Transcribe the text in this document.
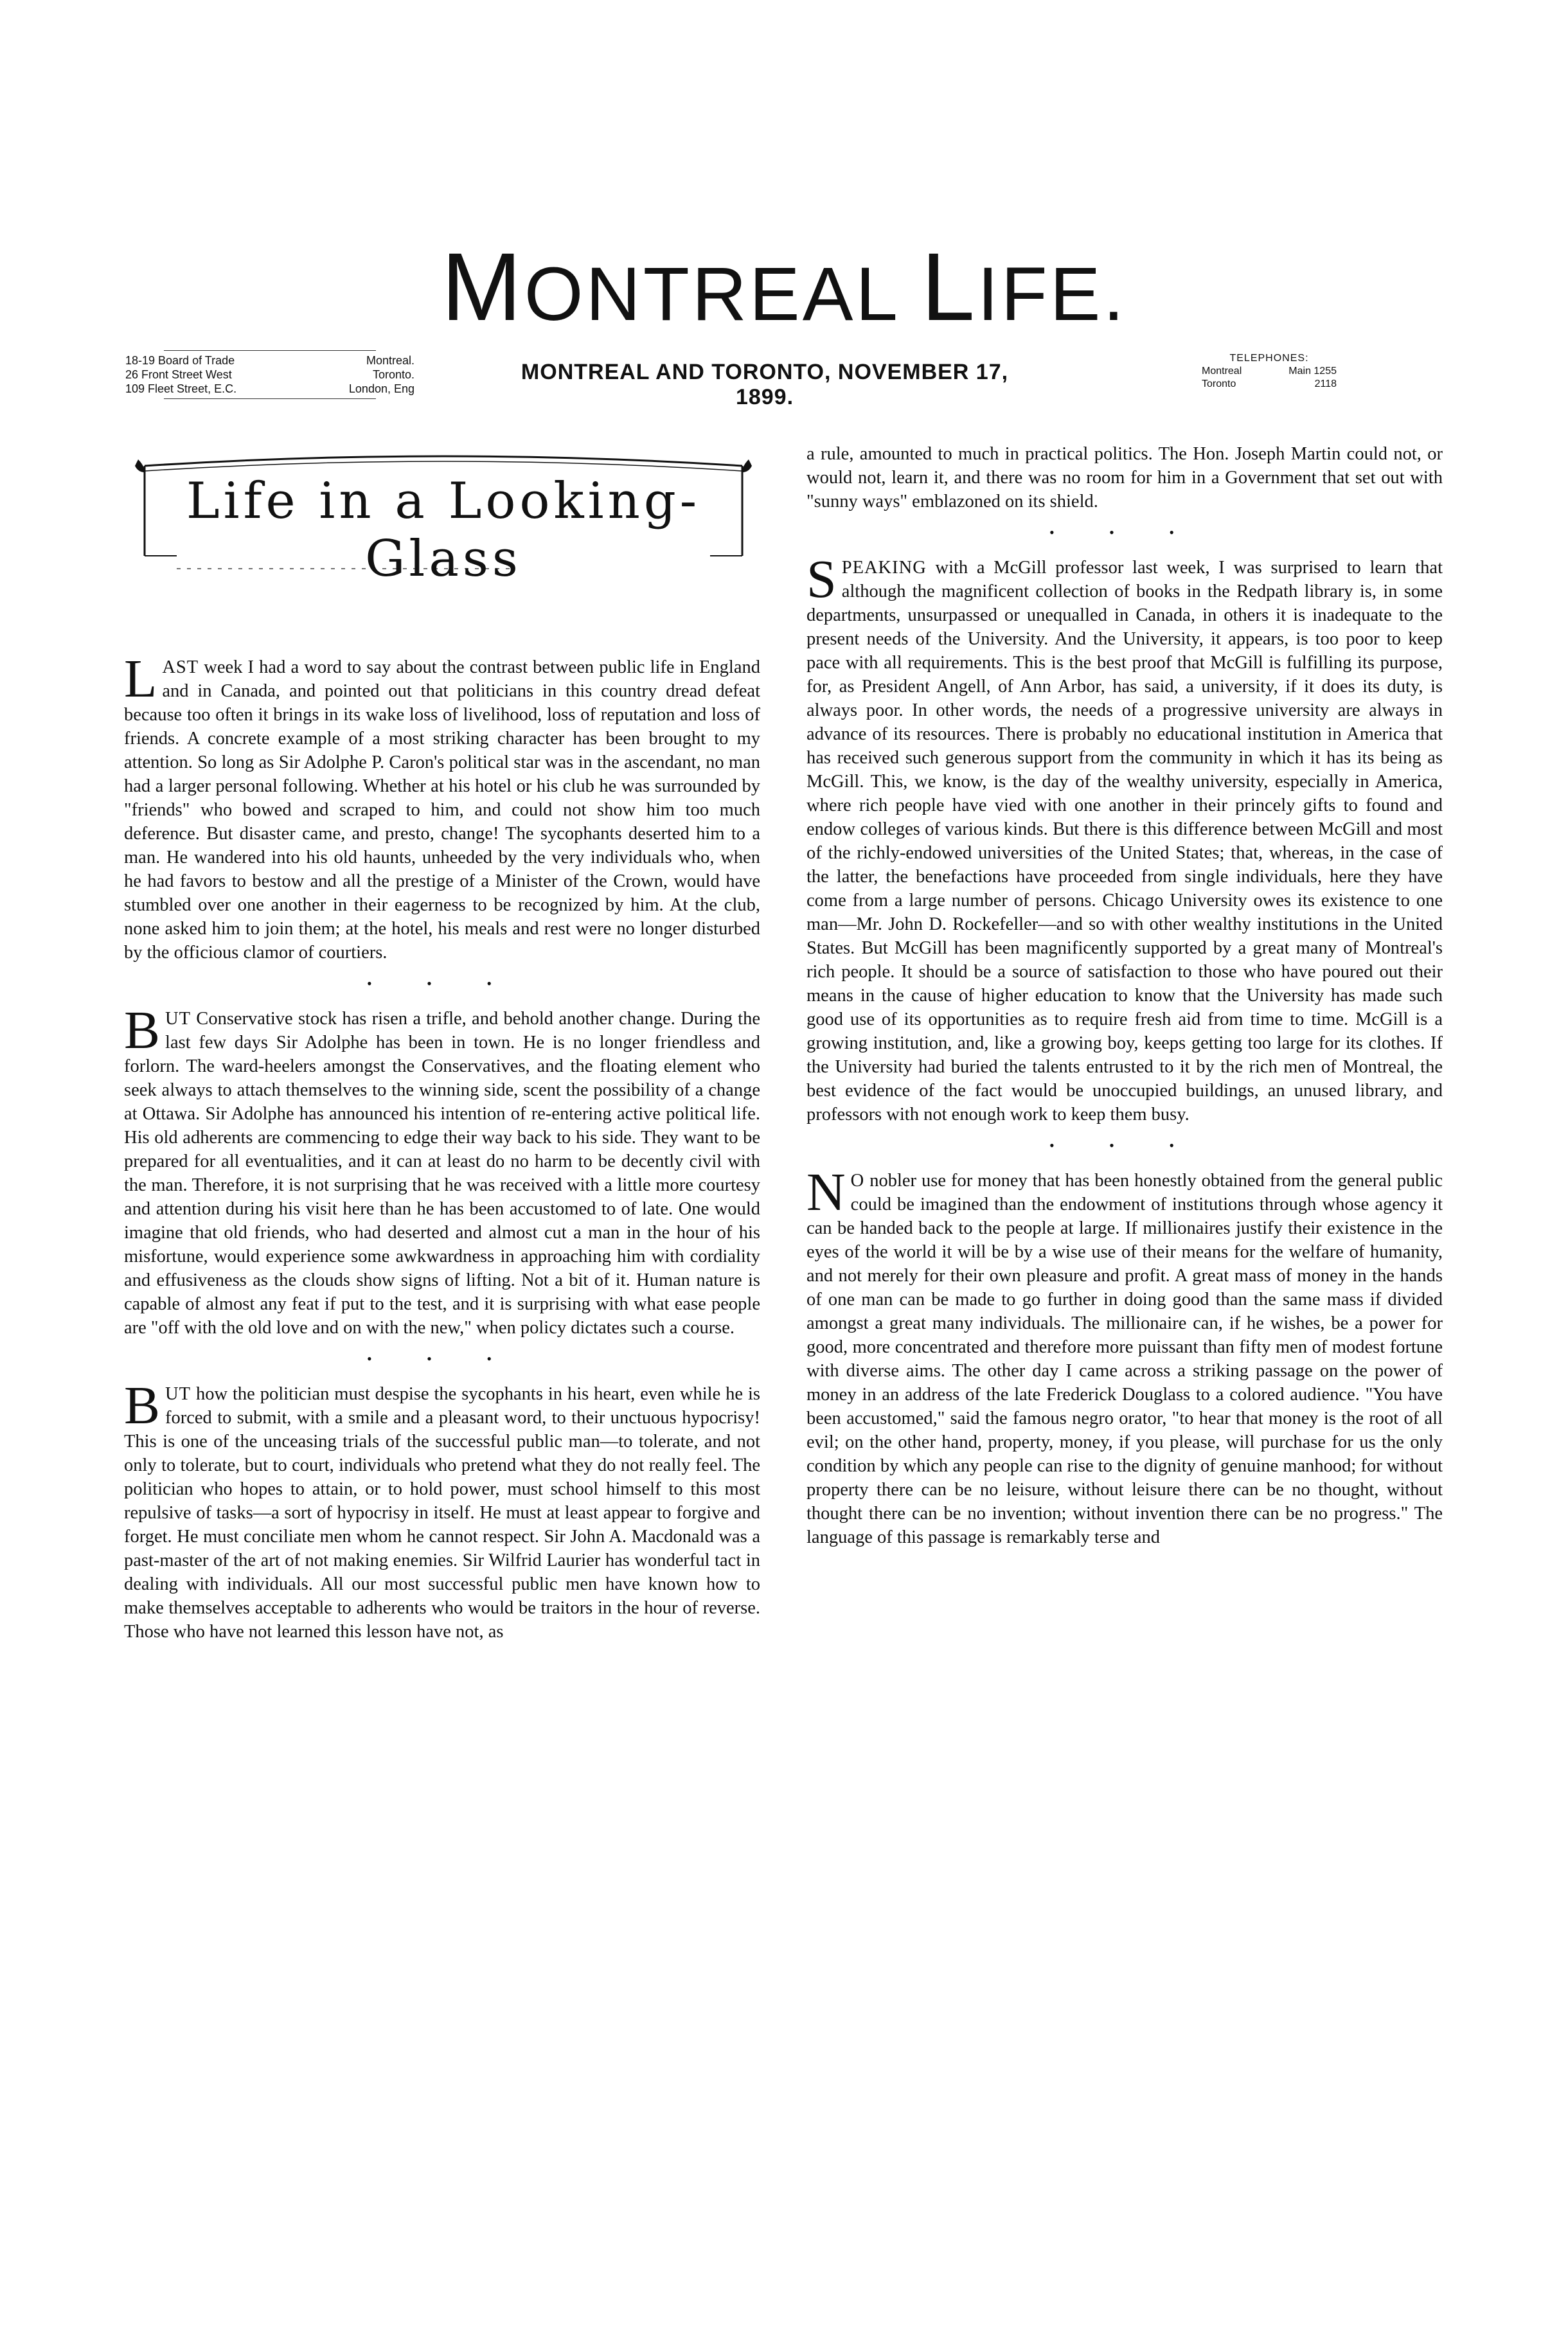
MONTREAL LIFE.
18-19 Board of Trade	Montreal.
26 Front Street West	Toronto.
109 Fleet Street, E.C.	London, Eng
MONTREAL AND TORONTO, NOVEMBER 17, 1899.
TELEPHONES:
Montreal	Main 1255
Toronto	2118
Life in a Looking-Glass

LAST week I had a word to say about the contrast between public life in England and in Canada, and pointed out that politicians in this country dread defeat because too often it brings in its wake loss of livelihood, loss of reputation and loss of friends. A concrete example of a most striking character has been brought to my attention. So long as Sir Adolphe P. Caron's political star was in the ascendant, no man had a larger personal following. Whether at his hotel or his club he was surrounded by "friends" who bowed and scraped to him, and could not show him too much deference. But disaster came, and presto, change! The sycophants deserted him to a man. He wandered into his old haunts, unheeded by the very individuals who, when he had favors to bestow and all the prestige of a Minister of the Crown, would have stumbled over one another in their eagerness to be recognized by him. At the club, none asked him to join them; at the hotel, his meals and rest were no longer disturbed by the officious clamor of courtiers.

• • •

BUT Conservative stock has risen a trifle, and behold another change. During the last few days Sir Adolphe has been in town. He is no longer friendless and forlorn. The ward-heelers amongst the Conservatives, and the floating element who seek always to attach themselves to the winning side, scent the possibility of a change at Ottawa. Sir Adolphe has announced his intention of re-entering active political life. His old adherents are commencing to edge their way back to his side. They want to be prepared for all eventualities, and it can at least do no harm to be decently civil with the man. Therefore, it is not surprising that he was received with a little more courtesy and attention during his visit here than he has been accustomed to of late. One would imagine that old friends, who had deserted and almost cut a man in the hour of his misfortune, would experience some awkwardness in approaching him with cordiality and effusiveness as the clouds show signs of lifting. Not a bit of it. Human nature is capable of almost any feat if put to the test, and it is surprising with what ease people are "off with the old love and on with the new," when policy dictates such a course.

• • •

BUT how the politician must despise the sycophants in his heart, even while he is forced to submit, with a smile and a pleasant word, to their unctuous hypocrisy! This is one of the unceasing trials of the successful public man—to tolerate, and not only to tolerate, but to court, individuals who pretend what they do not really feel. The politician who hopes to attain, or to hold power, must school himself to this most repulsive of tasks—a sort of hypocrisy in itself. He must at least appear to forgive and forget. He must conciliate men whom he cannot respect. Sir John A. Macdonald was a past-master of the art of not making enemies. Sir Wilfrid Laurier has wonderful tact in dealing with individuals. All our most successful public men have known how to make themselves acceptable to adherents who would be traitors in the hour of reverse. Those who have not learned this lesson have not, as

a rule, amounted to much in practical politics. The Hon. Joseph Martin could not, or would not, learn it, and there was no room for him in a Government that set out with "sunny ways" emblazoned on its shield.

• • •

SPEAKING with a McGill professor last week, I was surprised to learn that although the magnificent collection of books in the Redpath library is, in some departments, unsurpassed or unequalled in Canada, in others it is inadequate to the present needs of the University. And the University, it appears, is too poor to keep pace with all requirements. This is the best proof that McGill is fulfilling its purpose, for, as President Angell, of Ann Arbor, has said, a university, if it does its duty, is always poor. In other words, the needs of a progressive university are always in advance of its resources. There is probably no educational institution in America that has received such generous support from the community in which it has its being as McGill. This, we know, is the day of the wealthy university, especially in America, where rich people have vied with one another in their princely gifts to found and endow colleges of various kinds. But there is this difference between McGill and most of the richly-endowed universities of the United States; that, whereas, in the case of the latter, the benefactions have proceeded from single individuals, here they have come from a large number of persons. Chicago University owes its existence to one man—Mr. John D. Rockefeller—and so with other wealthy institutions in the United States. But McGill has been magnificently supported by a great many of Montreal's rich people. It should be a source of satisfaction to those who have poured out their means in the cause of higher education to know that the University has made such good use of its opportunities as to require fresh aid from time to time. McGill is a growing institution, and, like a growing boy, keeps getting too large for its clothes. If the University had buried the talents entrusted to it by the rich men of Montreal, the best evidence of the fact would be unoccupied buildings, an unused library, and professors with not enough work to keep them busy.

• • •

N O nobler use for money that has been honestly obtained from the general public could be imagined than the endowment of institutions through whose agency it can be handed back to the people at large. If millionaires justify their existence in the eyes of the world it will be by a wise use of their means for the welfare of humanity, and not merely for their own pleasure and profit. A great mass of money in the hands of one man can be made to go further in doing good than the same mass if divided amongst a great many individuals. The millionaire can, if he wishes, be a power for good, more concentrated and therefore more puissant than fifty men of modest fortune with diverse aims. The other day I came across a striking passage on the power of money in an address of the late Frederick Douglass to a colored audience. "You have been accustomed," said the famous negro orator, "to hear that money is the root of all evil; on the other hand, property, money, if you please, will purchase for us the only condition by which any people can rise to the dignity of genuine manhood; for without property there can be no leisure, without leisure there can be no thought, without thought there can be no invention; without invention there can be no progress." The language of this passage is remarkably terse and
